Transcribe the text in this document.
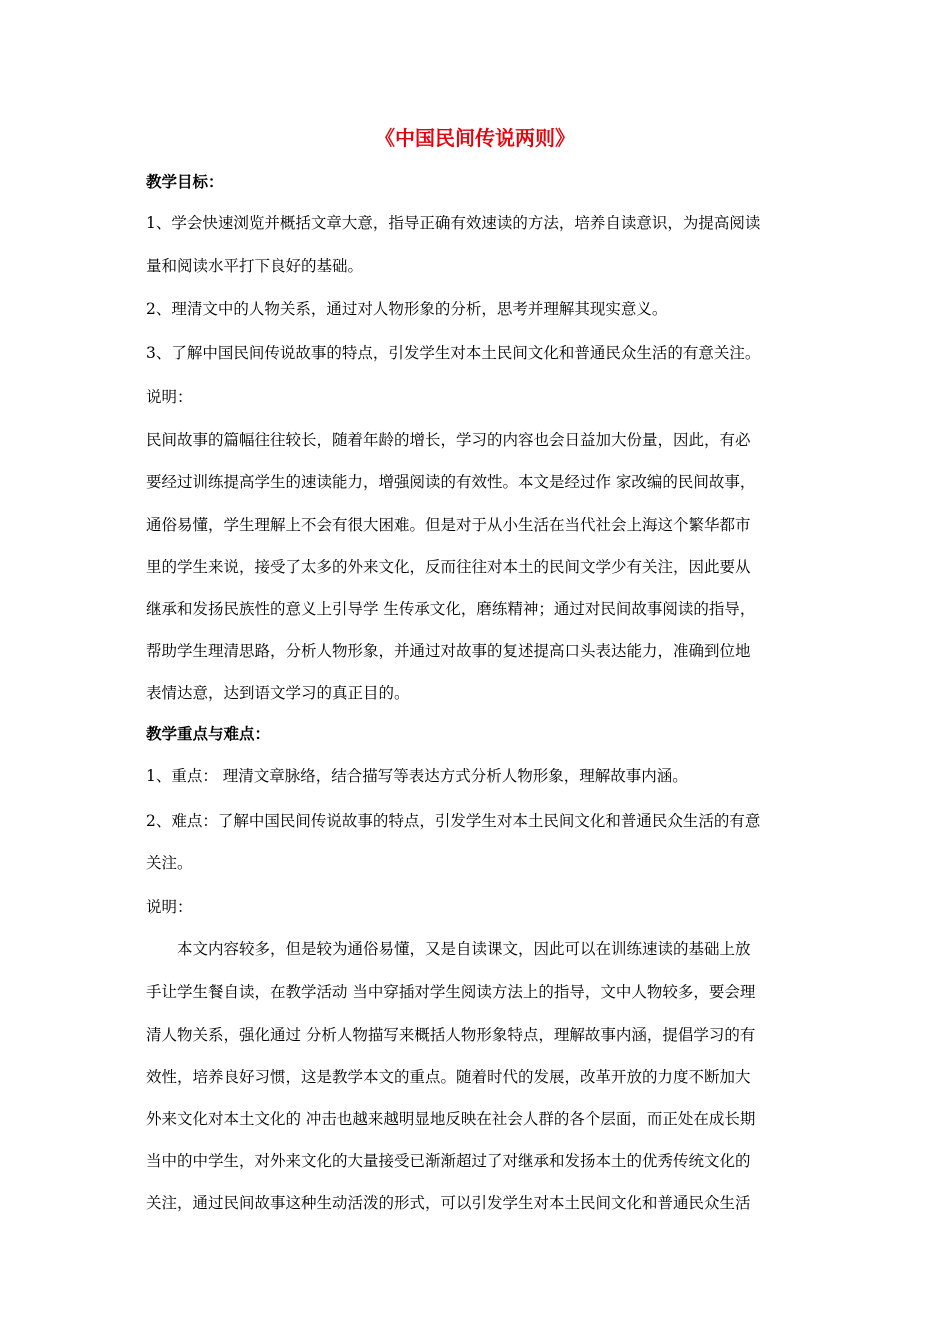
《中国民间传说两则》
教学目标：
1、学会快速浏览并概括文章大意，指导正确有效速读的方法，培养自读意识，为提高阅读
量和阅读水平打下良好的基础。
2、理清文中的人物关系，通过对人物形象的分析，思考并理解其现实意义。
3、了解中国民间传说故事的特点，引发学生对本土民间文化和普通民众生活的有意关注。
说明：
民间故事的篇幅往往较长，随着年龄的增长，学习的内容也会日益加大份量，因此，有必
要经过训练提高学生的速读能力，增强阅读的有效性。本文是经过作 家改编的民间故事，
通俗易懂，学生理解上不会有很大困难。但是对于从小生活在当代社会上海这个繁华都市
里的学生来说，接受了太多的外来文化，反而往往对本土的民间文学少有关注，因此要从
继承和发扬民族性的意义上引导学 生传承文化，磨练精神；通过对民间故事阅读的指导，
帮助学生理清思路，分析人物形象，并通过对故事的复述提高口头表达能力，准确到位地
表情达意，达到语文学习的真正目的。
教学重点与难点：
1、重点： 理清文章脉络，结合描写等表达方式分析人物形象，理解故事内涵。
2、难点：了解中国民间传说故事的特点，引发学生对本土民间文化和普通民众生活的有意
关注。
说明：
本文内容较多，但是较为通俗易懂，又是自读课文，因此可以在训练速读的基础上放
手让学生餐自读，在教学活动 当中穿插对学生阅读方法上的指导，文中人物较多，要会理
清人物关系，强化通过 分析人物描写来概括人物形象特点，理解故事内涵，提倡学习的有
效性，培养良好习惯，这是教学本文的重点。随着时代的发展，改革开放的力度不断加大
外来文化对本土文化的 冲击也越来越明显地反映在社会人群的各个层面，而正处在成长期
当中的中学生，对外来文化的大量接受已渐渐超过了对继承和发扬本土的优秀传统文化的
关注，通过民间故事这种生动活泼的形式，可以引发学生对本土民间文化和普通民众生活
